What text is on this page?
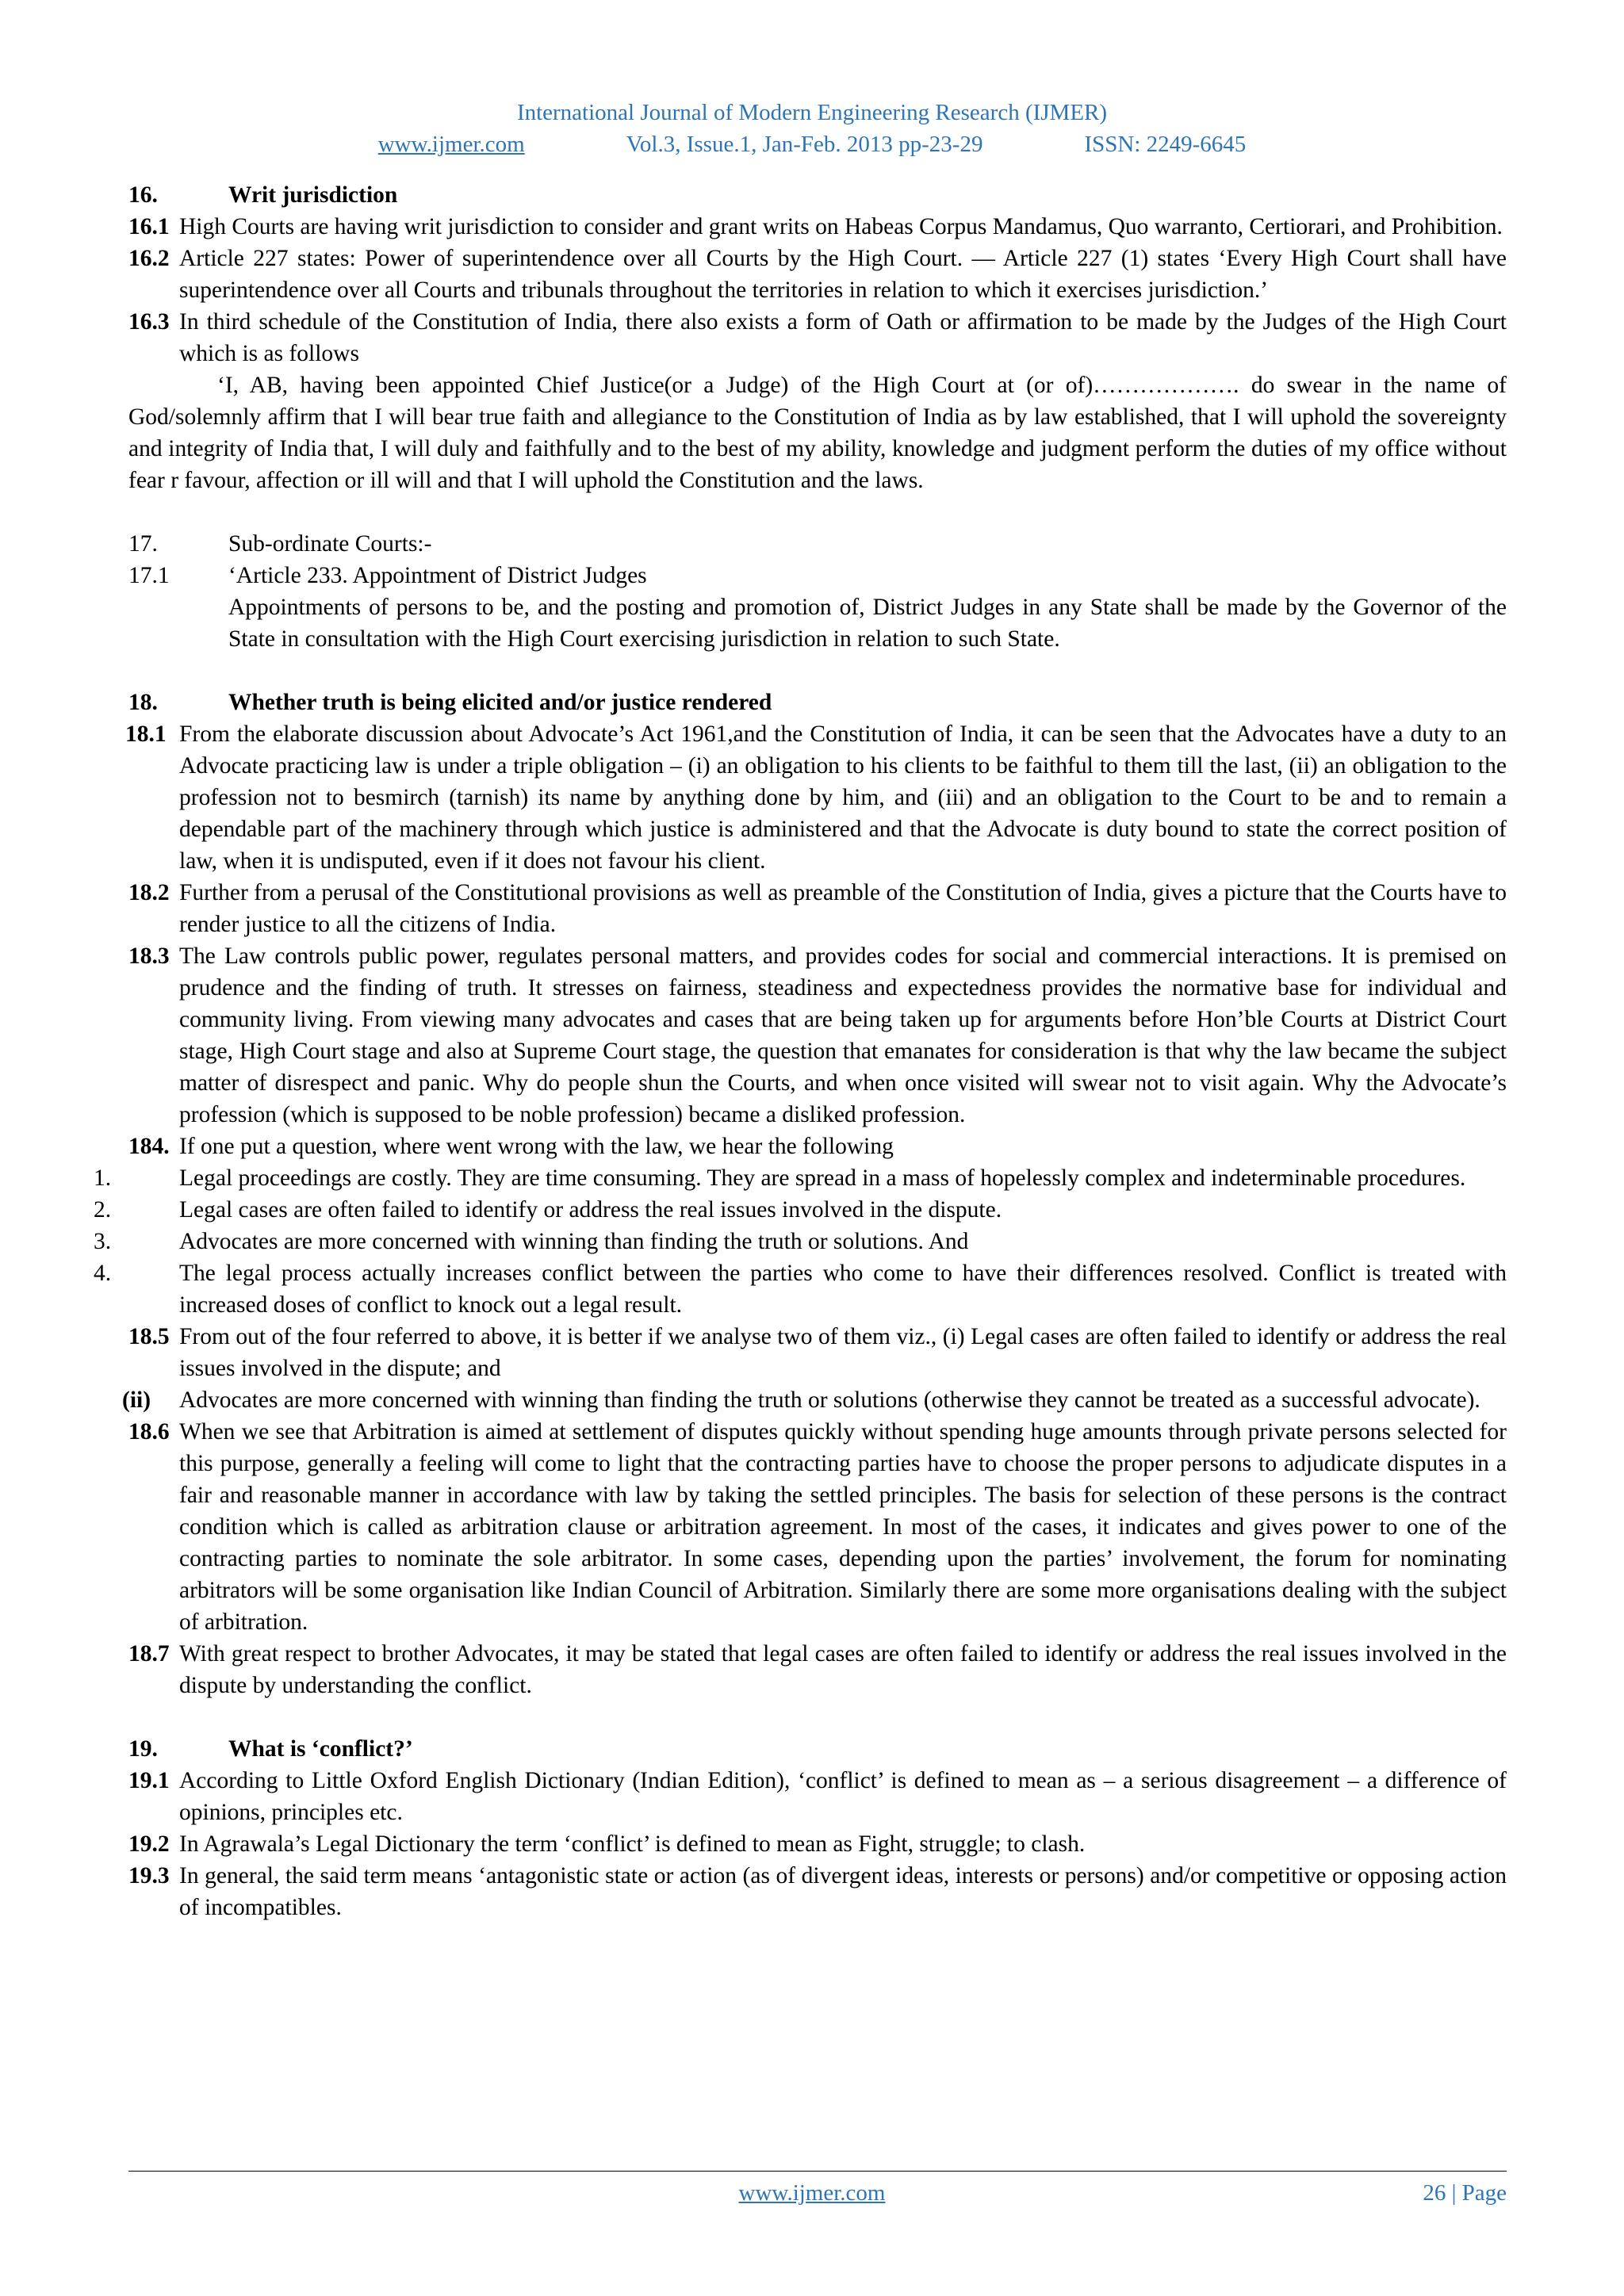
International Journal of Modern Engineering Research (IJMER)
www.ijmer.com	Vol.3, Issue.1, Jan-Feb. 2013 pp-23-29	ISSN: 2249-6645
16.	Writ jurisdiction
16.1 High Courts are having writ jurisdiction to consider and grant writs on Habeas Corpus Mandamus, Quo warranto, Certiorari, and Prohibition.
16.2 Article 227 states: Power of superintendence over all Courts by the High Court. — Article 227 (1) states ‘Every High Court shall have superintendence over all Courts and tribunals throughout the territories in relation to which it exercises jurisdiction.’
16.3 In third schedule of the Constitution of India, there also exists a form of Oath or affirmation to be made by the Judges of the High Court which is as follows
‘I, AB, having been appointed Chief Justice(or a Judge) of the High Court at (or of)………………. do swear in the name of God/solemnly affirm that I will bear true faith and allegiance to the Constitution of India as by law established, that I will uphold the sovereignty and integrity of India that, I will duly and faithfully and to the best of my ability, knowledge and judgment perform the duties of my office without fear r favour, affection or ill will and that I will uphold the Constitution and the laws.
17.	Sub-ordinate Courts:-
17.1	‘Article 233. Appointment of District Judges
Appointments of persons to be, and the posting and promotion of, District Judges in any State shall be made by the Governor of the State in consultation with the High Court exercising jurisdiction in relation to such State.
18.	Whether truth is being elicited and/or justice rendered
18.1 From the elaborate discussion about Advocate’s Act 1961,and the Constitution of India, it can be seen that the Advocates have a duty to an Advocate practicing law is under a triple obligation – (i) an obligation to his clients to be faithful to them till the last, (ii) an obligation to the profession not to besmirch (tarnish) its name by anything done by him, and (iii) and an obligation to the Court to be and to remain a dependable part of the machinery through which justice is administered and that the Advocate is duty bound to state the correct position of law, when it is undisputed, even if it does not favour his client.
18.2 Further from a perusal of the Constitutional provisions as well as preamble of the Constitution of India, gives a picture that the Courts have to render justice to all the citizens of India.
18.3 The Law controls public power, regulates personal matters, and provides codes for social and commercial interactions. It is premised on prudence and the finding of truth. It stresses on fairness, steadiness and expectedness provides the normative base for individual and community living. From viewing many advocates and cases that are being taken up for arguments before Hon’ble Courts at District Court stage, High Court stage and also at Supreme Court stage, the question that emanates for consideration is that why the law became the subject matter of disrespect and panic. Why do people shun the Courts, and when once visited will swear not to visit again. Why the Advocate’s profession (which is supposed to be noble profession) became a disliked profession.
184. If one put a question, where went wrong with the law, we hear the following
1.	Legal proceedings are costly. They are time consuming. They are spread in a mass of hopelessly complex and indeterminable procedures.
2.	Legal cases are often failed to identify or address the real issues involved in the dispute.
3.	Advocates are more concerned with winning than finding the truth or solutions. And
4.	The legal process actually increases conflict between the parties who come to have their differences resolved. Conflict is treated with increased doses of conflict to knock out a legal result.
18.5 From out of the four referred to above, it is better if we analyse two of them viz., (i) Legal cases are often failed to identify or address the real issues involved in the dispute; and
(ii) Advocates are more concerned with winning than finding the truth or solutions (otherwise they cannot be treated as a successful advocate).
18.6 When we see that Arbitration is aimed at settlement of disputes quickly without spending huge amounts through private persons selected for this purpose, generally a feeling will come to light that the contracting parties have to choose the proper persons to adjudicate disputes in a fair and reasonable manner in accordance with law by taking the settled principles. The basis for selection of these persons is the contract condition which is called as arbitration clause or arbitration agreement. In most of the cases, it indicates and gives power to one of the contracting parties to nominate the sole arbitrator. In some cases, depending upon the parties’ involvement, the forum for nominating arbitrators will be some organisation like Indian Council of Arbitration. Similarly there are some more organisations dealing with the subject of arbitration.
18.7 With great respect to brother Advocates, it may be stated that legal cases are often failed to identify or address the real issues involved in the dispute by understanding the conflict.
19.	What is ‘conflict?’
19.1 According to Little Oxford English Dictionary (Indian Edition), ‘conflict’ is defined to mean as – a serious disagreement – a difference of opinions, principles etc.
19.2 In Agrawala’s Legal Dictionary the term ‘conflict’ is defined to mean as Fight, struggle; to clash.
19.3 In general, the said term means ‘antagonistic state or action (as of divergent ideas, interests or persons) and/or competitive or opposing action of incompatibles.
www.ijmer.com	26 | Page
